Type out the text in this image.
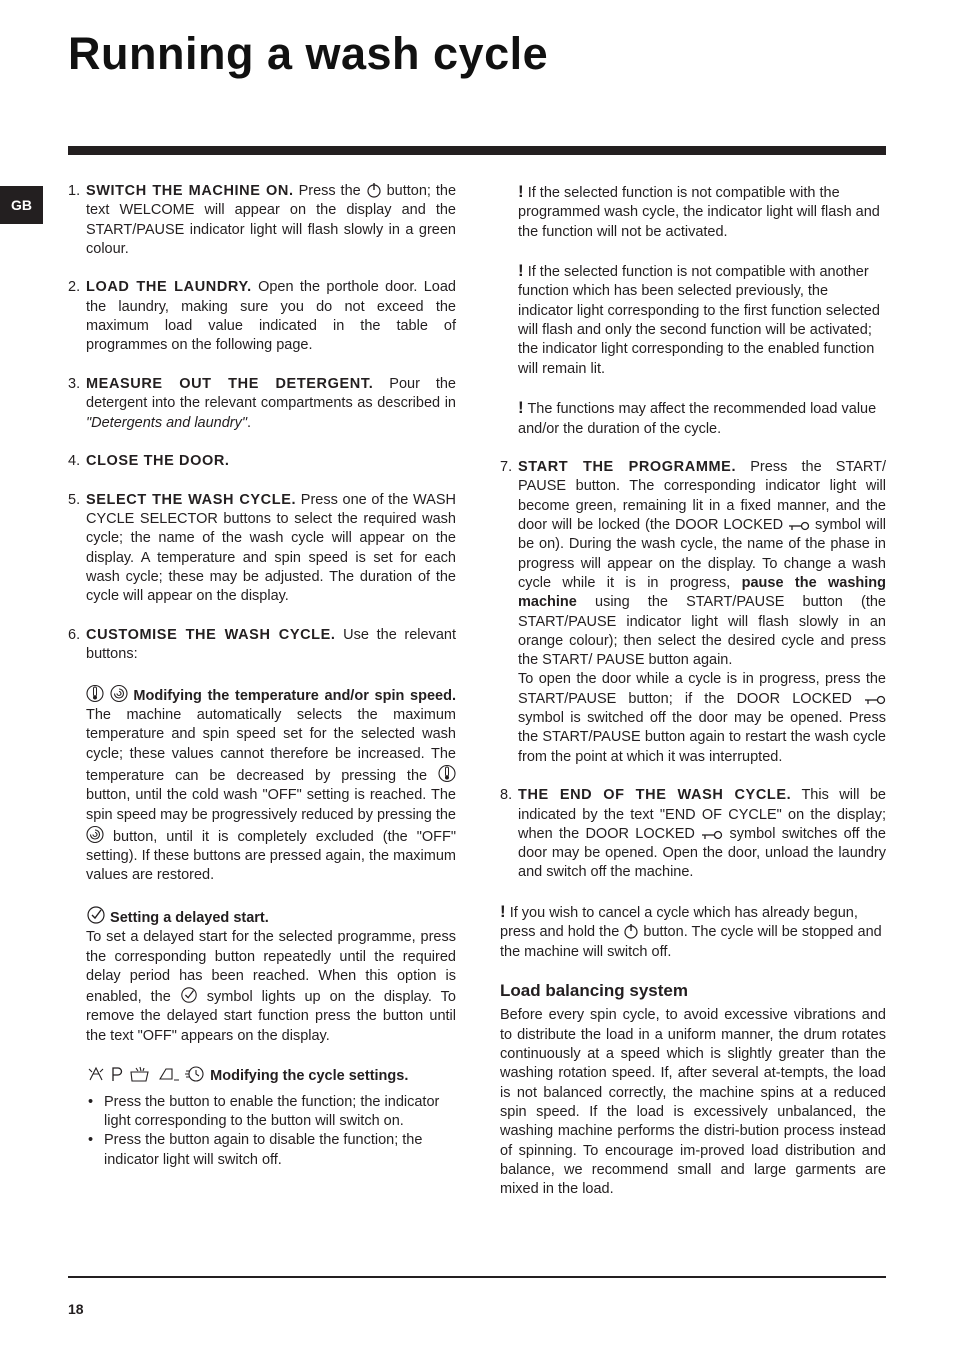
Running a wash cycle
GB

1. SWITCH THE MACHINE ON. Press the button; the text WELCOME will appear on the display and the START/PAUSE indicator light will flash slowly in a green colour.

2. LOAD THE LAUNDRY. Open the porthole door. Load the laundry, making sure you do not exceed the maximum load value indicated in the table of programmes on the following page.

3. MEASURE OUT THE DETERGENT. Pour the detergent into the relevant compartments as described in "Detergents and laundry".

4. CLOSE THE DOOR.

5. SELECT THE WASH CYCLE. Press one of the WASH CYCLE SELECTOR buttons to select the required wash cycle; the name of the wash cycle will appear on the display. A temperature and spin speed is set for each wash cycle; these may be adjusted. The duration of the cycle will appear on the display.

6. CUSTOMISE THE WASH CYCLE. Use the relevant buttons:

Modifying the temperature and/or spin speed. The machine automatically selects the maximum temperature and spin speed set for the selected wash cycle; these values cannot therefore be increased. The temperature can be decreased by pressing the  button, until the cold wash "OFF" setting is reached. The spin speed may be progressively reduced by pressing the  button, until it is completely excluded (the "OFF" setting). If these buttons are pressed again, the maximum values are restored.

Setting a delayed start.
To set a delayed start for the selected programme, press the corresponding button repeatedly until the required delay period has been reached. When this option is enabled, the symbol lights up on the display. To remove the delayed start function press the button until the text "OFF" appears on the display.

Modifying the cycle settings.

• Press the button to enable the function; the indicator light corresponding to the button will switch on.
• Press the button again to disable the function; the indicator light will switch off.

! If the selected function is not compatible with the programmed wash cycle, the indicator light will flash and the function will not be activated.

! If the selected function is not compatible with another function which has been selected previously, the indicator light corresponding to the first function selected will flash and only the second function will be activated; the indicator light corresponding to the enabled function will remain lit.

! The functions may affect the recommended load value and/or the duration of the cycle.

7. START THE PROGRAMME. Press the START/ PAUSE button. The corresponding indicator light will become green, remaining lit in a fixed manner, and the door will be locked (the DOOR LOCKED symbol will be on). During the wash cycle, the name of the phase in progress will appear on the display. To change a wash cycle while it is in progress, pause the washing machine using the START/PAUSE button (the START/PAUSE indicator light will flash slowly in an orange colour); then select the desired cycle and press the START/ PAUSE button again.
To open the door while a cycle is in progress, press the START/PAUSE button; if the DOOR LOCKED  symbol is switched off the door may be opened. Press the START/PAUSE button again to restart the wash cycle from the point at which it was interrupted.

8. THE END OF THE WASH CYCLE. This will be indicated by the text "END OF CYCLE" on the display; when the DOOR LOCKED symbol switches off the door may be opened. Open the door, unload the laundry and switch off the machine.

! If you wish to cancel a cycle which has already begun, press and hold the button. The cycle will be stopped and the machine will switch off.

Load balancing system

Before every spin cycle, to avoid excessive vibrations and to distribute the load in a uniform manner, the drum rotates continuously at a speed which is slightly greater than the washing rotation speed. If, after several at-tempts, the load is not balanced correctly, the machine spins at a reduced spin speed. If the load is excessively unbalanced, the washing machine performs the distri-bution process instead of spinning. To encourage im-proved load distribution and balance, we recommend small and large garments are mixed in the load.

18
